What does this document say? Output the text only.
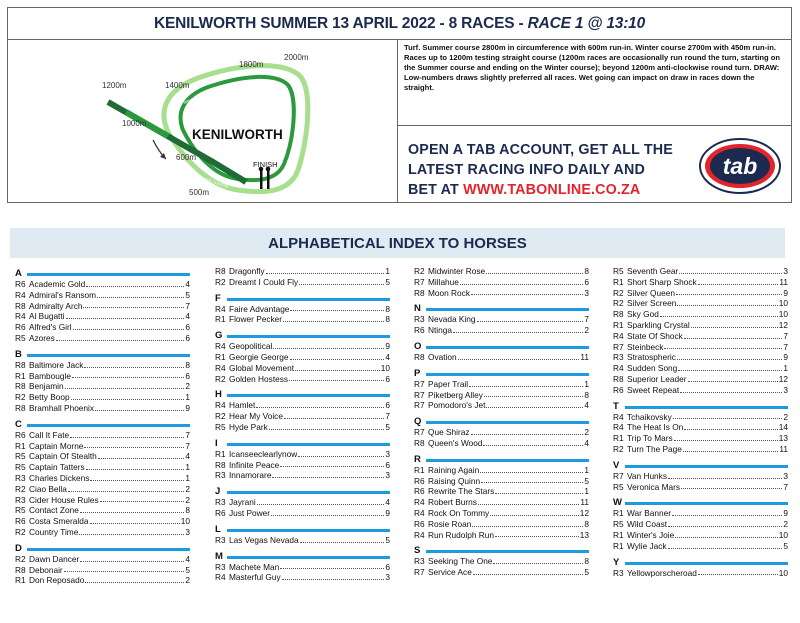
KENILWORTH SUMMER 13 APRIL 2022 - 8 RACES - RACE 1 @ 13:10
2000m
1800m
1400m
1200m
1000m
600m
500m
KENILWORTH
FINISH
WINTER COURSE
SUMMER COURSE

Turf. Summer course 2800m in circumference with 600m run-in. Winter course 2700m with 450m run-in. Races up to 1200m testing straight course (1200m races are occasionally run round the turn, starting on the Summer course and ending on the Winter course); beyond 1200m anti-clockwise round turn. DRAW: Low-numbers draws slightly preferred all races. Wet going can impact on draw in races down the straight.

OPEN A TAB ACCOUNT, GET ALL THE
LATEST RACING INFO DAILY AND
BET AT WWW.TABONLINE.CO.ZA
tab
ALPHABETICAL INDEX TO HORSES
A
R6 Academic Gold	4
R4 Admiral's Ransom	5
R8 Admiralty Arch	7
R4 Al Bugatti	4
R6 Alfred's Girl	6
R5 Azores	6
B
R8 Baltimore Jack	8
R1 Bambougle	6
R8 Benjamin	2
R2 Betty Boop	1
R8 Bramhall Phoenix	9
C
R6 Call It Fate	7
R1 Captain Morne	7
R5 Captain Of Stealth	4
R5 Captain Tatters	1
R3 Charles Dickens	1
R2 Ciao Bella	2
R3 Cider House Rules	2
R5 Contact Zone	8
R6 Costa Smeralda	10
R2 Country Time	3
D
R2 Dawn Dancer	4
R8 Debonair	5
R1 Don Reposado	2
R8 Dragonfly	1
R2 Dreamt I Could Fly	5
F
R4 Faire Advantage	8
R1 Flower Pecker	8
G
R4 Geopolitical	9
R1 Georgie George	4
R4 Global Movement	10
R2 Golden Hostess	6
H
R4 Hamlet	6
R2 Hear My Voice	7
R5 Hyde Park	5
I
R1 Icanseeclearlynow	3
R8 Infinite Peace	6
R3 Innamorare	3
J
R3 Jayrani	4
R6 Just Power	9
L
R3 Las Vegas Nevada	5
M
R3 Machete Man	6
R4 Masterful Guy	3
R2 Midwinter Rose	8
R7 Millahue	6
R8 Moon Rock	3
N
R3 Nevada King	7
R6 Ntinga	2
O
R8 Ovation	11
P
R7 Paper Trail	1
R7 Piketberg Alley	8
R7 Pomodoro's Jet	4
Q
R7 Que Shiraz	2
R8 Queen's Wood	4
R
R1 Raining Again	1
R6 Raising Quinn	5
R6 Rewrite The Stars	1
R4 Robert Burns	11
R4 Rock On Tommy	12
R6 Rosie Roan	8
R4 Run Rudolph Run	13
S
R3 Seeking The One	8
R7 Service Ace	5
R5 Seventh Gear	3
R1 Short Sharp Shock	11
R2 Silver Queen	9
R2 Silver Screen	10
R8 Sky God	10
R1 Sparkling Crystal	12
R4 State Of Shock	7
R7 Steinbeck	7
R3 Stratospheric	9
R4 Sudden Song	1
R8 Superior Leader	12
R6 Sweet Repeat	3
T
R4 Tchaikovsky	2
R4 The Heat Is On	14
R1 Trip To Mars	13
R2 Turn The Page	11
V
R7 Van Hunks	3
R5 Veronica Mars	7
W
R1 War Banner	9
R5 Wild Coast	2
R1 Winter's Joie	10
R1 Wylie Jack	5
Y
R3 Yellowporscheroad	10
